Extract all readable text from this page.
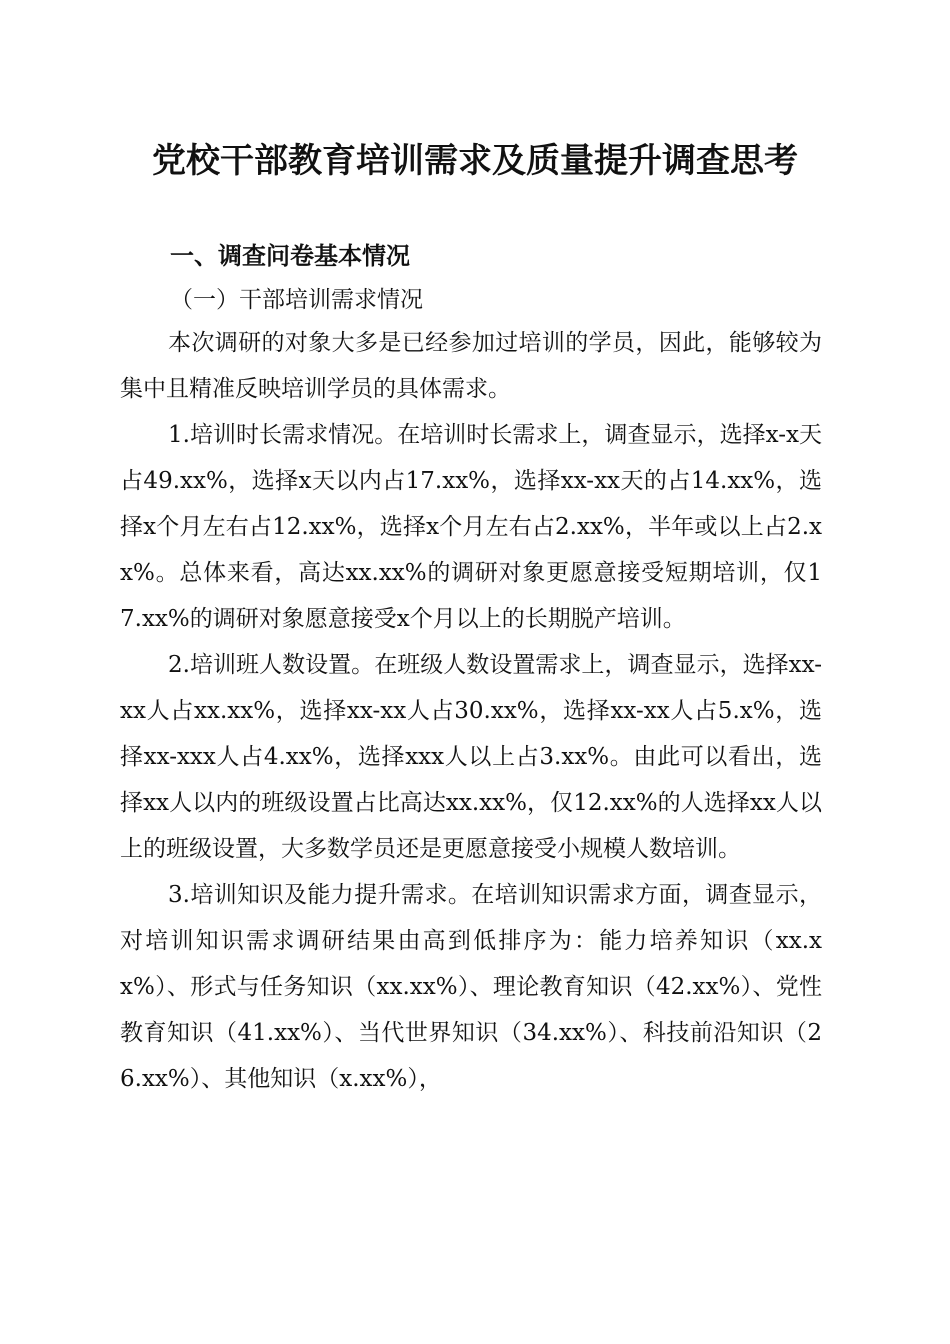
党校干部教育培训需求及质量提升调查思考
一、调查问卷基本情况
（一）干部培训需求情况

本次调研的对象大多是已经参加过培训的学员，因此，能够较为集中且精准反映培训学员的具体需求。

1.培训时长需求情况。在培训时长需求上，调查显示，选择x-x天占49.xx%，选择x天以内占17.xx%，选择xx-xx天的占14.xx%，选择x个月左右占12.xx%，选择x个月左右占2.xx%，半年或以上占2.xx%。总体来看，高达xx.xx%的调研对象更愿意接受短期培训，仅17.xx%的调研对象愿意接受x个月以上的长期脱产培训。

2.培训班人数设置。在班级人数设置需求上，调查显示，选择xx-xx人占xx.xx%，选择xx-xx人占30.xx%，选择xx-xx人占5.x%，选择xx-xxx人占4.xx%，选择xxx人以上占3.xx%。由此可以看出，选择xx人以内的班级设置占比高达xx.xx%，仅12.xx%的人选择xx人以上的班级设置，大多数学员还是更愿意接受小规模人数培训。

3.培训知识及能力提升需求。在培训知识需求方面，调查显示，对培训知识需求调研结果由高到低排序为：能力培养知识（xx.xx%）、形式与任务知识（xx.xx%）、理论教育知识（42.xx%）、党性教育知识（41.xx%）、当代世界知识（34.xx%）、科技前沿知识（26.xx%）、其他知识（x.xx%），
